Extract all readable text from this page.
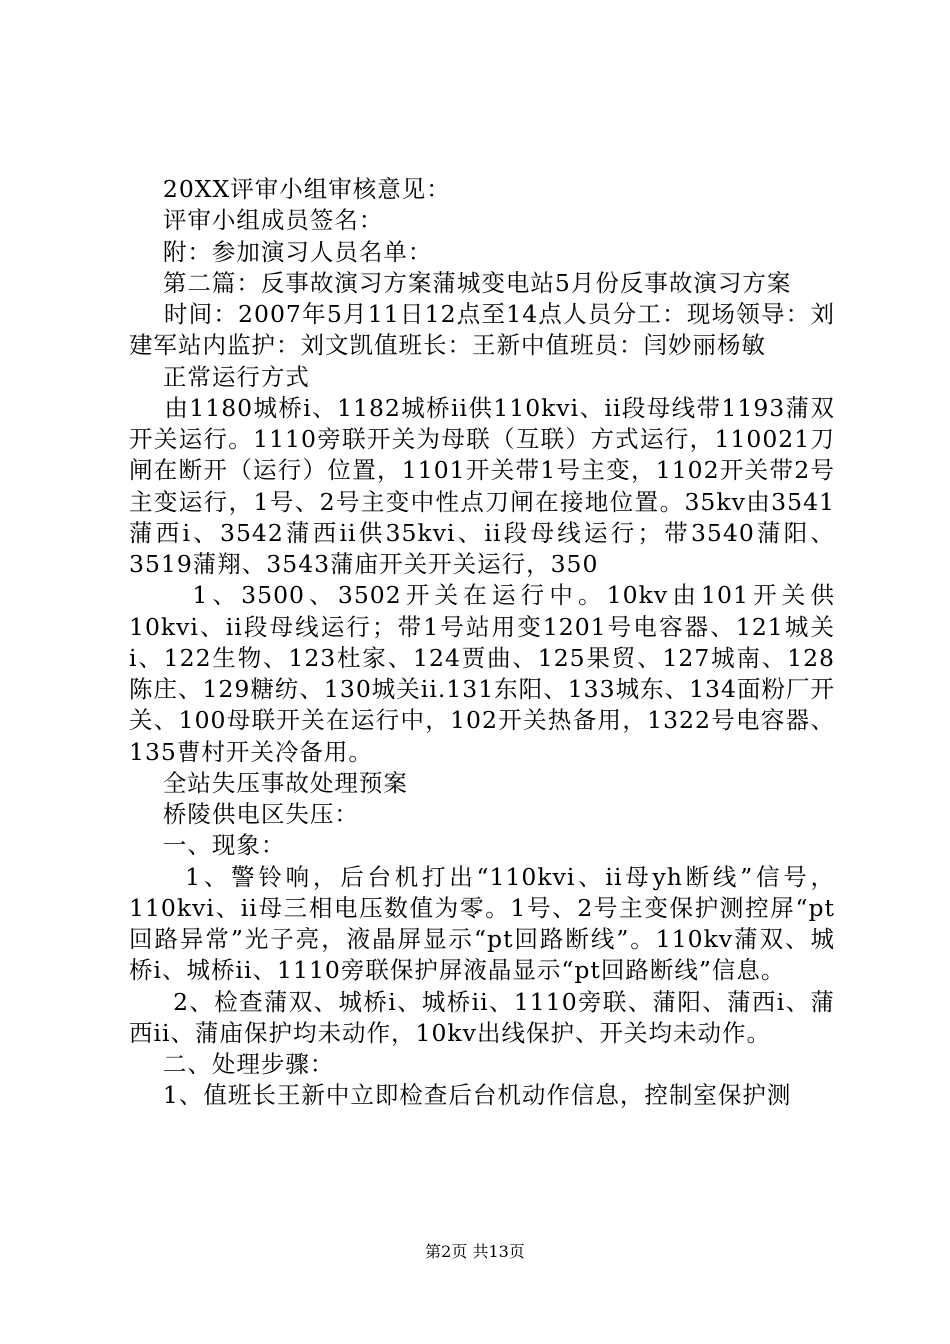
20XX评审小组审核意见：

评审小组成员签名：

附：参加演习人员名单：

第二篇：反事故演习方案蒲城变电站5月份反事故演习方案

时间：2007年5月11日12点至14点人员分工：现场领导：刘建军站内监护：刘文凯值班长：王新中值班员：闫妙丽杨敏

正常运行方式

由1180城桥i、1182城桥ii供110kvi、ii段母线带1193蒲双开关运行。1110旁联开关为母联（互联）方式运行，110021刀闸在断开（运行）位置，1101开关带1号主变，1102开关带2号主变运行，1号、2号主变中性点刀闸在接地位置。35kv由3541蒲西i、3542蒲西ii供35kvi、ii段母线运行；带3540蒲阳、3519蒲翔、3543蒲庙开关开关运行，350

1、3500、3502开关在运行中。10kv由101开关供10kvi、ii段母线运行；带1号站用变1201号电容器、121城关i、122生物、123杜家、124贾曲、125果贸、127城南、128陈庄、129糖纺、130城关ii.131东阳、133城东、134面粉厂开关、100母联开关在运行中，102开关热备用，1322号电容器、135曹村开关冷备用。

全站失压事故处理预案

桥陵供电区失压：

一、现象：

1、警铃响，后台机打出“110kvi、ii母yh断线”信号，110kvi、ii母三相电压数值为零。1号、2号主变保护测控屏“pt回路异常”光子亮，液晶屏显示“pt回路断线”。110kv蒲双、城桥i、城桥ii、1110旁联保护屏液晶显示“pt回路断线”信息。

2、检查蒲双、城桥i、城桥ii、1110旁联、蒲阳、蒲西i、蒲西ii、蒲庙保护均未动作，10kv出线保护、开关均未动作。

二、处理步骤：

1、值班长王新中立即检查后台机动作信息，控制室保护测

第2页 共13页
